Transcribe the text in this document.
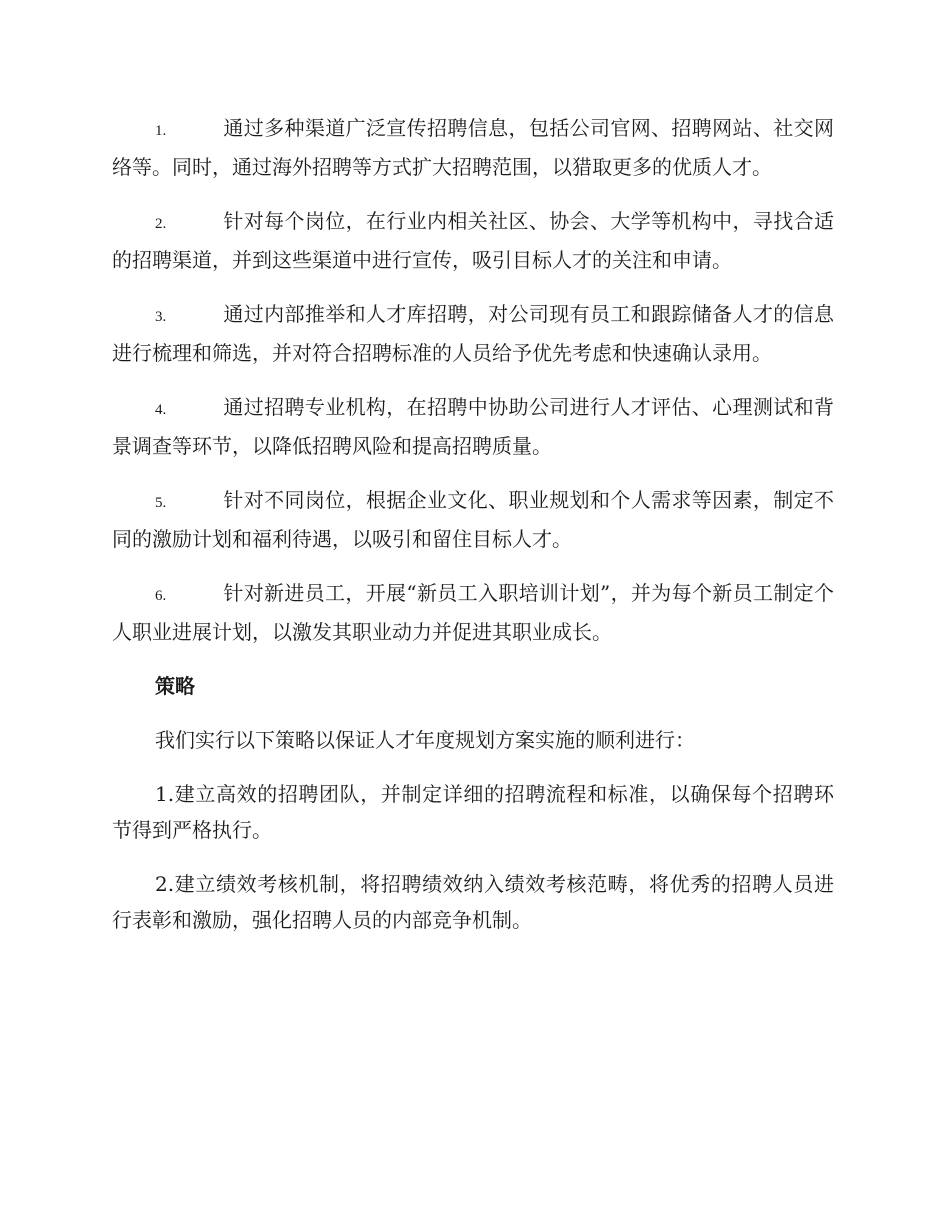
1.	通过多种渠道广泛宣传招聘信息，包括公司官网、招聘网站、社交网络等。同时，通过海外招聘等方式扩大招聘范围，以猎取更多的优质人才。

2.	针对每个岗位，在行业内相关社区、协会、大学等机构中，寻找合适的招聘渠道，并到这些渠道中进行宣传，吸引目标人才的关注和申请。

3.	通过内部推举和人才库招聘，对公司现有员工和跟踪储备人才的信息进行梳理和筛选，并对符合招聘标准的人员给予优先考虑和快速确认录用。

4.	通过招聘专业机构，在招聘中协助公司进行人才评估、心理测试和背景调查等环节，以降低招聘风险和提高招聘质量。

5.	针对不同岗位，根据企业文化、职业规划和个人需求等因素，制定不同的激励计划和福利待遇，以吸引和留住目标人才。

6.	针对新进员工，开展“新员工入职培训计划”，并为每个新员工制定个人职业进展计划，以激发其职业动力并促进其职业成长。

策略

我们实行以下策略以保证人才年度规划方案实施的顺利进行：

1.建立高效的招聘团队，并制定详细的招聘流程和标准，以确保每个招聘环节得到严格执行。

2.建立绩效考核机制，将招聘绩效纳入绩效考核范畴，将优秀的招聘人员进行表彰和激励，强化招聘人员的内部竞争机制。
